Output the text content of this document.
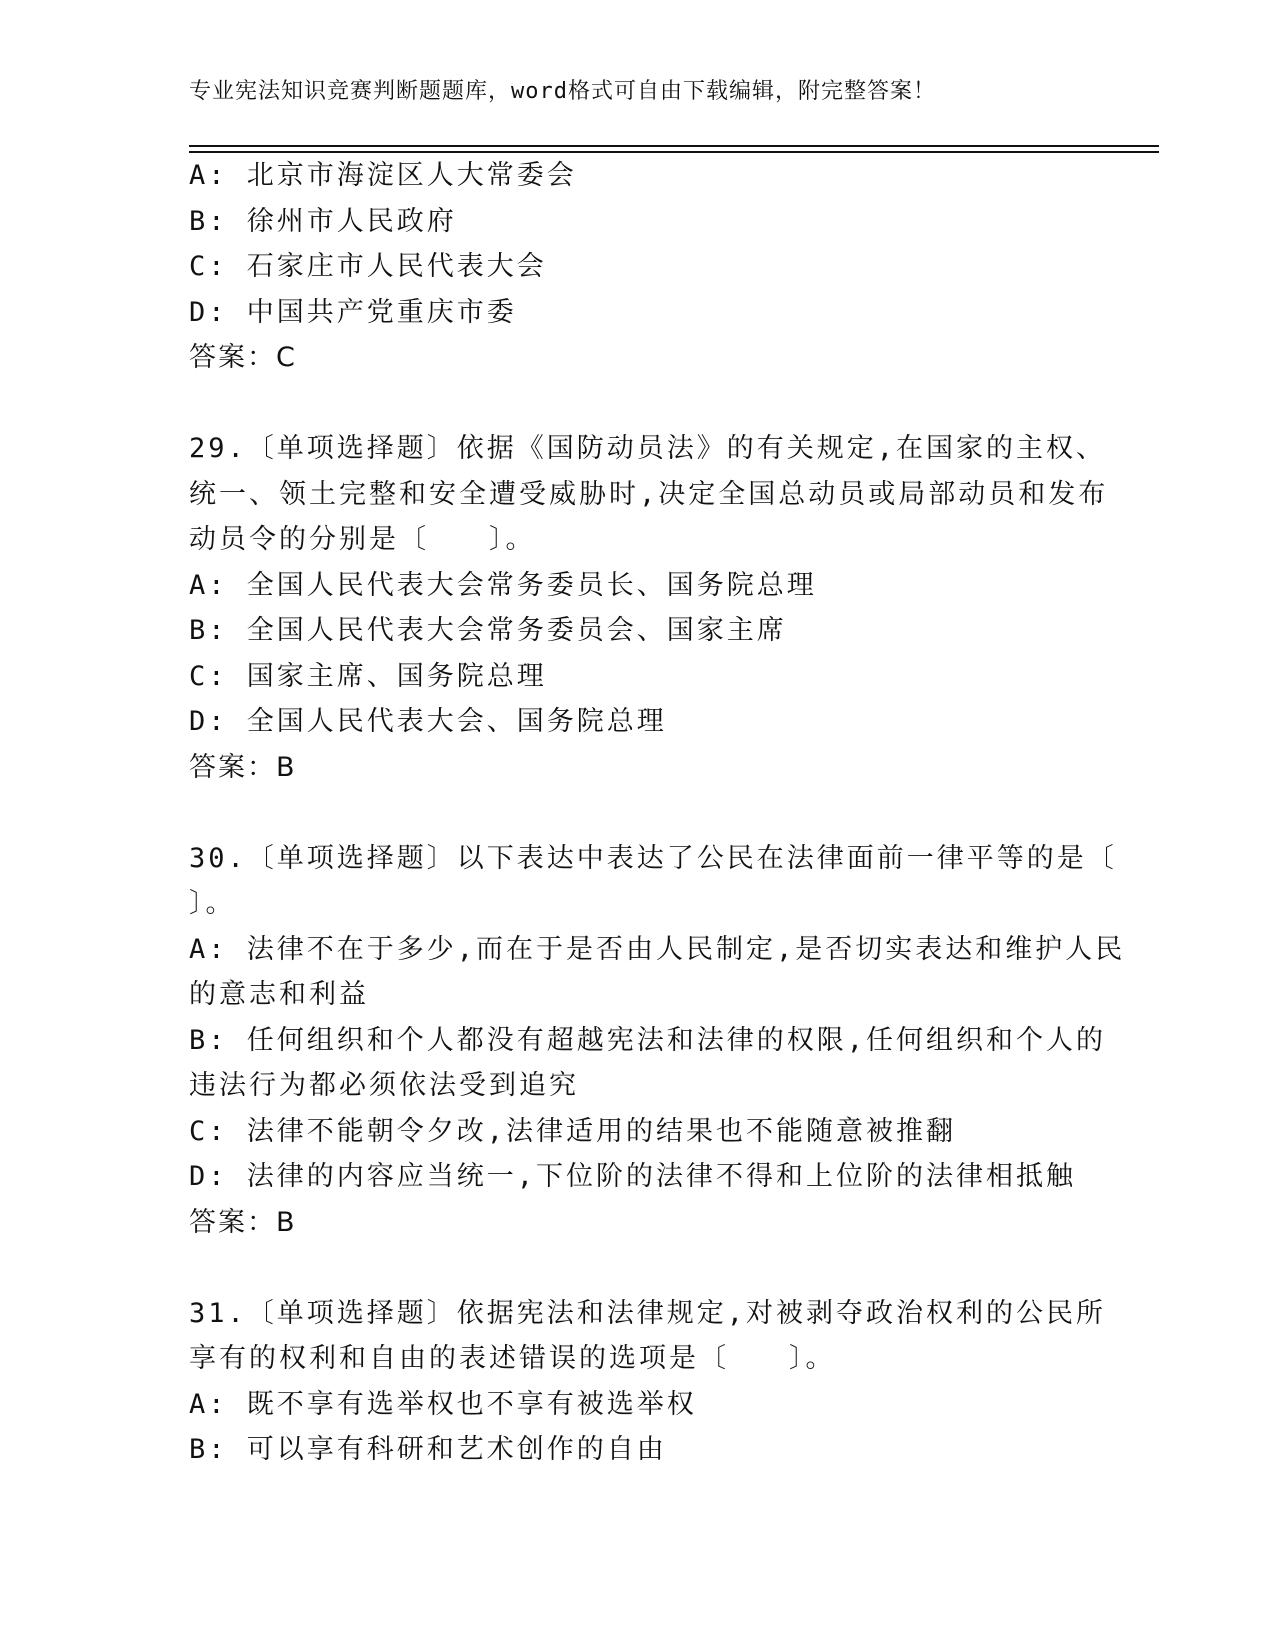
专业宪法知识竞赛判断题题库，word格式可自由下载编辑，附完整答案！

A: 北京市海淀区人大常委会

B: 徐州市人民政府

C: 石家庄市人民代表大会

D: 中国共产党重庆市委

答案：C

29.〔单项选择题〕依据《国防动员法》的有关规定,在国家的主权、

统一、领土完整和安全遭受威胁时,决定全国总动员或局部动员和发布

动员令的分别是〔　　〕。

A: 全国人民代表大会常务委员长、国务院总理

B: 全国人民代表大会常务委员会、国家主席

C: 国家主席、国务院总理

D: 全国人民代表大会、国务院总理

答案：B

30.〔单项选择题〕以下表达中表达了公民在法律面前一律平等的是〔

〕。

A: 法律不在于多少,而在于是否由人民制定,是否切实表达和维护人民

的意志和利益

B: 任何组织和个人都没有超越宪法和法律的权限,任何组织和个人的

违法行为都必须依法受到追究

C: 法律不能朝令夕改,法律适用的结果也不能随意被推翻

D: 法律的内容应当统一,下位阶的法律不得和上位阶的法律相抵触

答案：B

31.〔单项选择题〕依据宪法和法律规定,对被剥夺政治权利的公民所

享有的权利和自由的表述错误的选项是〔　　〕。

A: 既不享有选举权也不享有被选举权

B: 可以享有科研和艺术创作的自由
